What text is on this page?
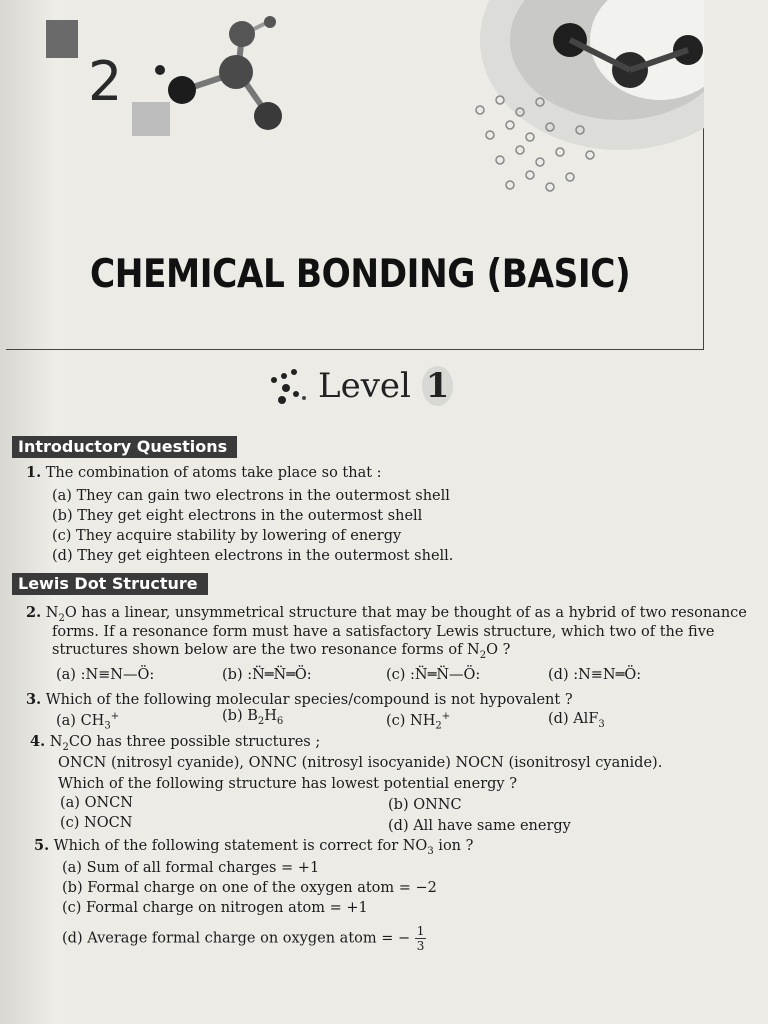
2
CHEMICAL BONDING (BASIC)
Level 1
Introductory Questions
1. The combination of atoms take place so that :
(a) They can gain two electrons in the outermost shell
(b) They get eight electrons in the outermost shell
(c) They acquire stability by lowering of energy
(d) They get eighteen electrons in the outermost shell.
Lewis Dot Structure
2. $N_2O$ has a linear, unsymmetrical structure that may be thought of as a hybrid of two resonance
forms. If a resonance form must have a satisfactory Lewis structure, which two of the five
structures shown below are the two resonance forms of $N_2O$ ?
(a) :N≡N—Ö:	(b) :N̈═N̈═Ö:	(c) :N̈═N̈—Ö:	(d) :N≡N═Ö:
3. Which of the following molecular species/compound is not hypovalent ?
(a) $CH_3^+$	(b) $B_2H_6$	(c) $NH_2^+$	(d) AlF$_3$
4. $N_2CO$ has three possible structures ;
ONCN (nitrosyl cyanide), ONNC (nitrosyl isocyanide) NOCN (isonitrosyl cyanide).
Which of the following structure has lowest potential energy ?
(a) ONCN	(b) ONNC
(c) NOCN	(d) All have same energy
5. Which of the following statement is correct for $NO_3$ ion ?
(a) Sum of all formal charges = +1
(b) Formal charge on one of the oxygen atom = −2
(c) Formal charge on nitrogen atom = +1
(d) Average formal charge on oxygen atom = − $\frac{1}{3}$
